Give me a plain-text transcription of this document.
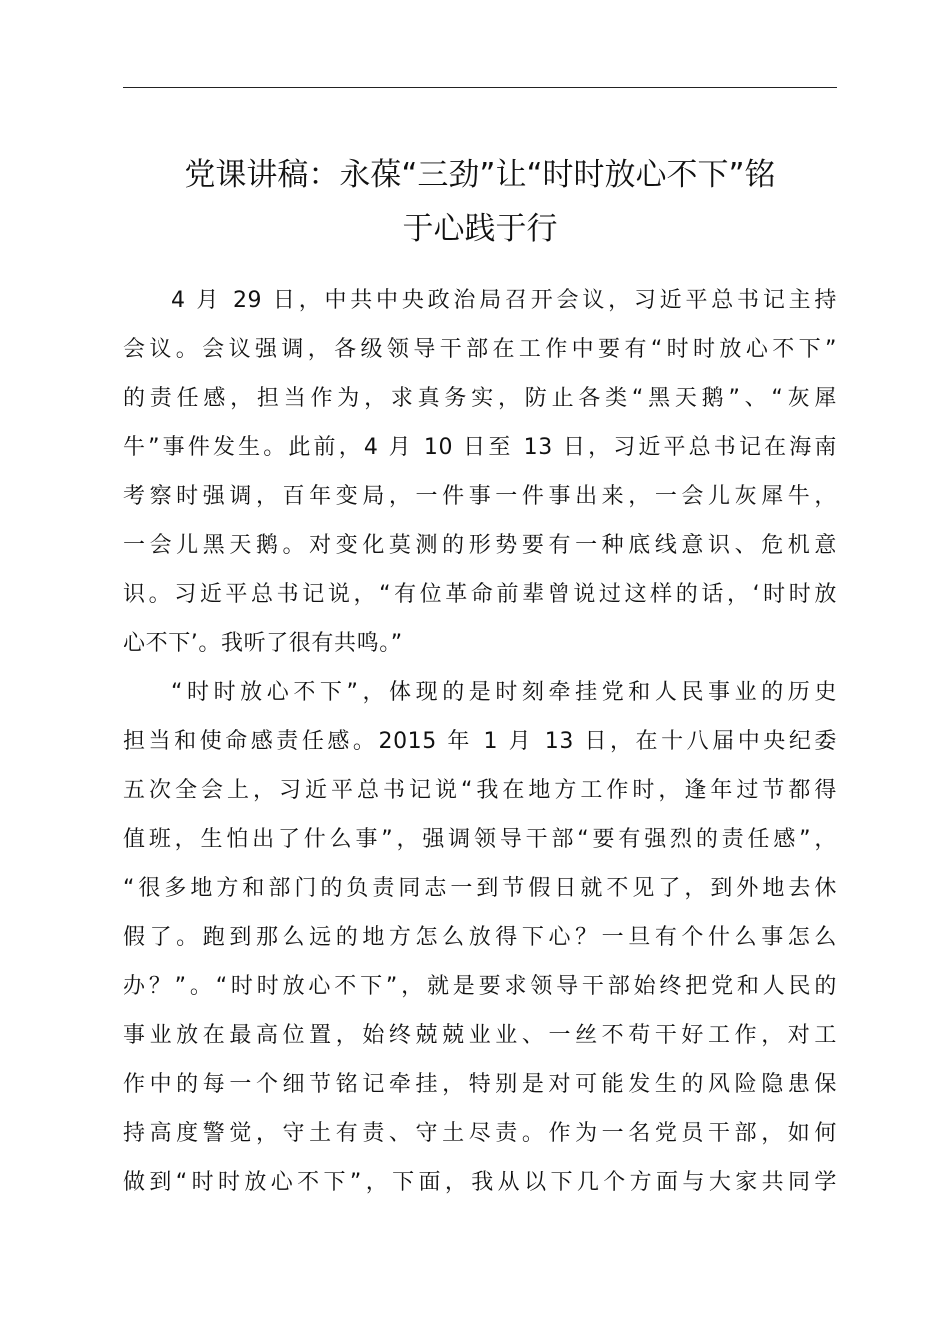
党课讲稿：永葆“三劲”让“时时放心不下”铭
于心践于行
4 月 29 日，中共中央政治局召开会议，习近平总书记主持
会议。会议强调，各级领导干部在工作中要有“时时放心不下”
的责任感，担当作为，求真务实，防止各类“黑天鹅”、“灰犀
牛”事件发生。此前，4 月 10 日至 13 日，习近平总书记在海南
考察时强调，百年变局，一件事一件事出来，一会儿灰犀牛，
一会儿黑天鹅。对变化莫测的形势要有一种底线意识、危机意
识。习近平总书记说，“有位革命前辈曾说过这样的话，‘时时放
心不下’。我听了很有共鸣。”
“时时放心不下”，体现的是时刻牵挂党和人民事业的历史
担当和使命感责任感。2015 年 1 月 13 日，在十八届中央纪委
五次全会上，习近平总书记说“我在地方工作时，逢年过节都得
值班，生怕出了什么事”，强调领导干部“要有强烈的责任感”，
“很多地方和部门的负责同志一到节假日就不见了，到外地去休
假了。跑到那么远的地方怎么放得下心？一旦有个什么事怎么
办？”。“时时放心不下”，就是要求领导干部始终把党和人民的
事业放在最高位置，始终兢兢业业、一丝不苟干好工作，对工
作中的每一个细节铭记牵挂，特别是对可能发生的风险隐患保
持高度警觉，守土有责、守土尽责。作为一名党员干部，如何
做到“时时放心不下”，下面，我从以下几个方面与大家共同学
